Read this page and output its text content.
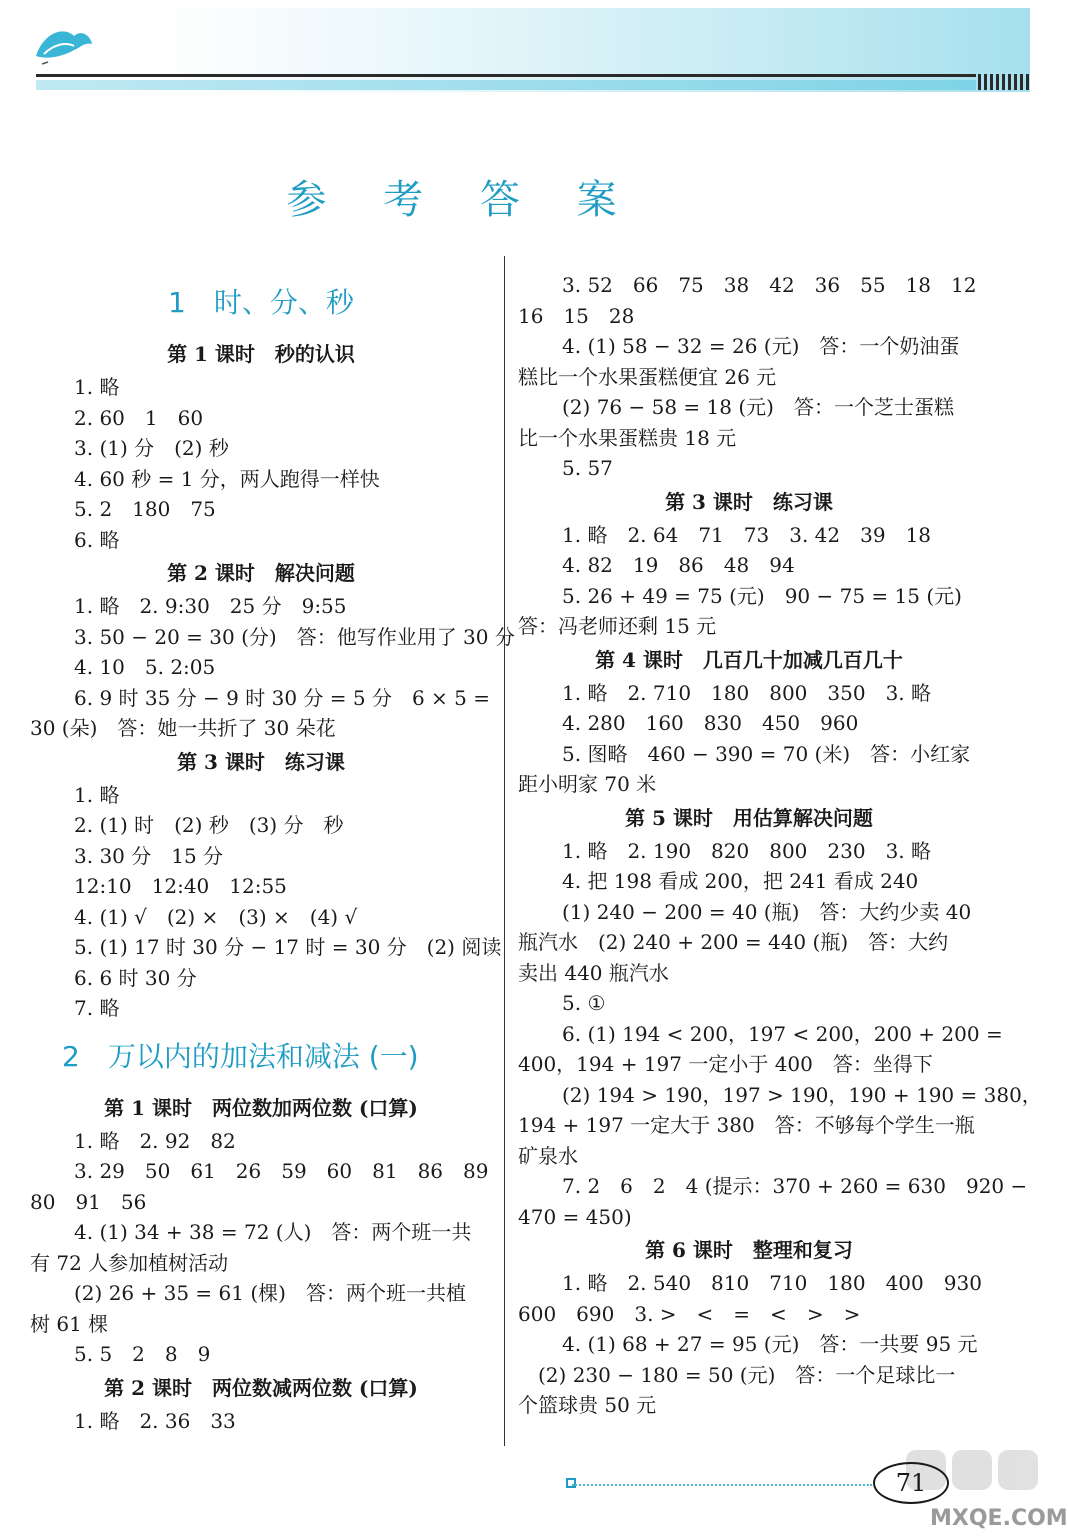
参 考 答 案
1　时、分、秒
第 1 课时　秒的认识
1. 略
2. 60　1　60
3. (1) 分　(2) 秒
4. 60 秒 = 1 分，两人跑得一样快
5. 2　180　75
6. 略
第 2 课时　解决问题
1. 略　2. 9:30　25 分　9:55
3. 50 − 20 = 30 (分)　答：他写作业用了 30 分
4. 10　5. 2:05
6. 9 时 35 分 − 9 时 30 分 = 5 分　6 × 5 =
30 (朵)　答：她一共折了 30 朵花
第 3 课时　练习课
1. 略
2. (1) 时　(2) 秒　(3) 分　秒
3. 30 分　15 分
12:10　12:40　12:55
4. (1) √　(2) ×　(3) ×　(4) √
5. (1) 17 时 30 分 − 17 时 = 30 分　(2) 阅读
6. 6 时 30 分
7. 略
2　万以内的加法和减法 (一)
第 1 课时　两位数加两位数 (口算)
1. 略　2. 92　82
3. 29　50　61　26　59　60　81　86　89
80　91　56
4. (1) 34 + 38 = 72 (人)　答：两个班一共
有 72 人参加植树活动
(2) 26 + 35 = 61 (棵)　答：两个班一共植
树 61 棵
5. 5　2　8　9
第 2 课时　两位数减两位数 (口算)
1. 略　2. 36　33
3. 52　66　75　38　42　36　55　18　12
16　15　28
4. (1) 58 − 32 = 26 (元)　答：一个奶油蛋
糕比一个水果蛋糕便宜 26 元
(2) 76 − 58 = 18 (元)　答：一个芝士蛋糕
比一个水果蛋糕贵 18 元
5. 57
第 3 课时　练习课
1. 略　2. 64　71　73　3. 42　39　18
4. 82　19　86　48　94
5. 26 + 49 = 75 (元)　90 − 75 = 15 (元)
答：冯老师还剩 15 元
第 4 课时　几百几十加减几百几十
1. 略　2. 710　180　800　350　3. 略
4. 280　160　830　450　960
5. 图略　460 − 390 = 70 (米)　答：小红家
距小明家 70 米
第 5 课时　用估算解决问题
1. 略　2. 190　820　800　230　3. 略
4. 把 198 看成 200，把 241 看成 240
(1) 240 − 200 = 40 (瓶)　答：大约少卖 40
瓶汽水　(2) 240 + 200 = 440 (瓶)　答：大约
卖出 440 瓶汽水
5. ①
6. (1) 194 < 200，197 < 200，200 + 200 =
400，194 + 197 一定小于 400　答：坐得下
(2) 194 > 190，197 > 190，190 + 190 = 380，
194 + 197 一定大于 380　答：不够每个学生一瓶
矿泉水
7. 2　6　2　4 (提示：370 + 260 = 630　920 −
470 = 450)
第 6 课时　整理和复习
1. 略　2. 540　810　710　180　400　930
600　690　3. >　<　=　<　>　>
4. (1) 68 + 27 = 95 (元)　答：一共要 95 元
(2) 230 − 180 = 50 (元)　答：一个足球比一
个篮球贵 50 元
71
MXQE.COM
